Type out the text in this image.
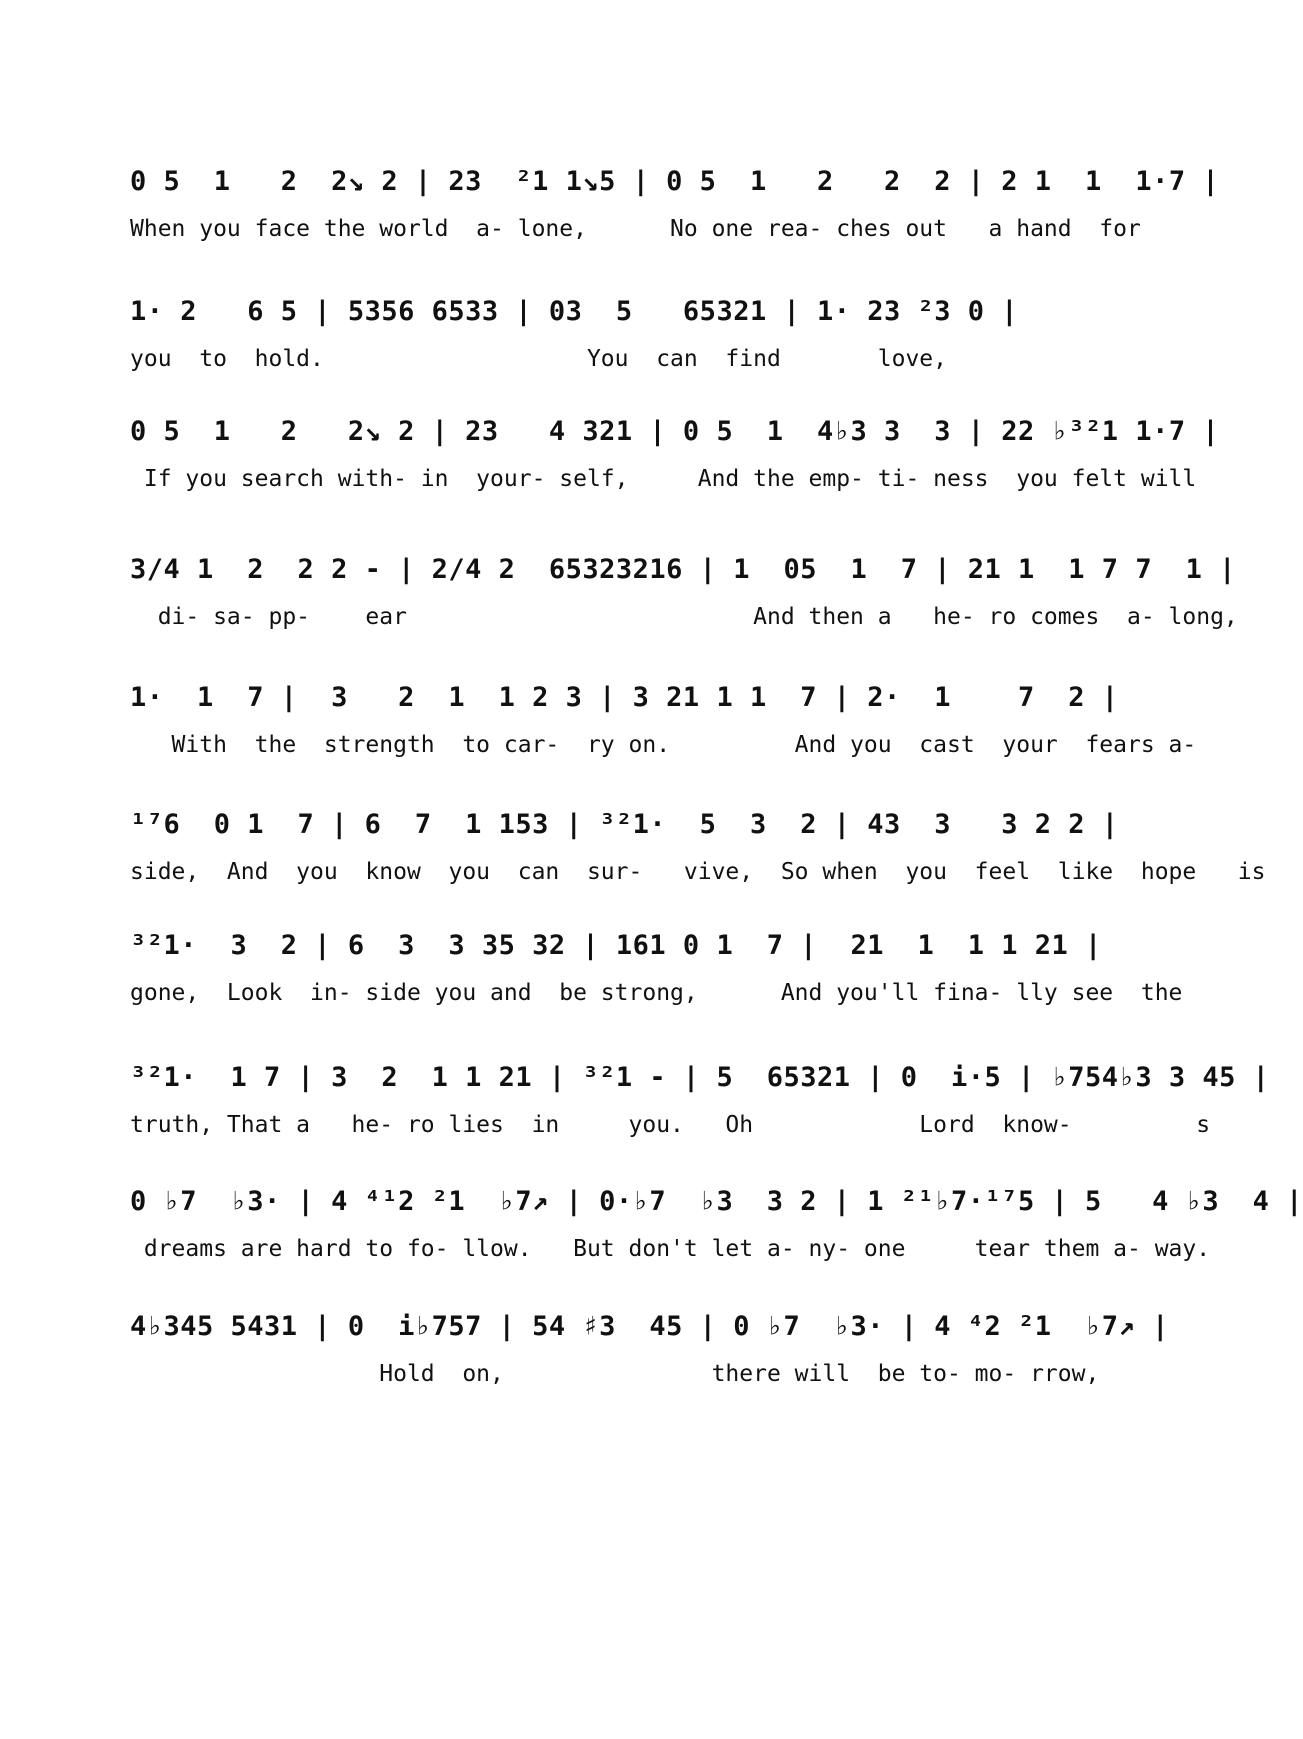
0 5  1   2  2↘ 2 | 23  ²1 1↘5 | 0 5  1   2   2  2 | 2 1  1  1·7 |
When you face the world  a- lone,      No one rea- ches out   a hand  for
1· 2   6 5 | 5356 6533 | 03  5   65321 | 1· 23 ²3 0 |
you  to  hold.                   You  can  find       love,
0 5  1   2   2↘ 2 | 23   4 321 | 0 5  1  4♭3 3  3 | 22 ♭³²1 1·7 |
If you search with- in  your- self,     And the emp- ti- ness  you felt will
3/4 1  2  2 2 - | 2/4 2  65323216 | 1  05  1  7 | 21 1  1 7 7  1 |
di- sa- pp-    ear                         And then a   he- ro comes  a- long,
1·  1  7 |  3   2  1  1 2 3 | 3 21 1 1  7 | 2·  1    7  2 |
With  the  strength  to car-  ry on.         And you  cast  your  fears a-
¹⁷6  0 1  7 | 6  7  1 153 | ³²1·  5  3  2 | 43  3   3 2 2 |
side,  And  you  know  you  can  sur-   vive,  So when  you  feel  like  hope   is
³²1·  3  2 | 6  3  3 35 32 | 161 0 1  7 |  21  1  1 1 21 |
gone,  Look  in- side you and  be strong,      And you'll fina- lly see  the
³²1·  1 7 | 3  2  1 1 21 | ³²1 - | 5  65321 | 0  i·5 | ♭754♭3 3 45 |
truth, That a   he- ro lies  in     you.   Oh            Lord  know-         s
0 ♭7  ♭3· | 4 ⁴¹2 ²1  ♭7↗ | 0·♭7  ♭3  3 2 | 1 ²¹♭7·¹⁷5 | 5   4 ♭3  4 |
dreams are hard to fo- llow.   But don't let a- ny- one     tear them a- way.
4♭345 5431 | 0  i♭757 | 54 ♯3  45 | 0 ♭7  ♭3· | 4 ⁴2 ²1  ♭7↗ |
Hold  on,               there will  be to- mo- rrow,
